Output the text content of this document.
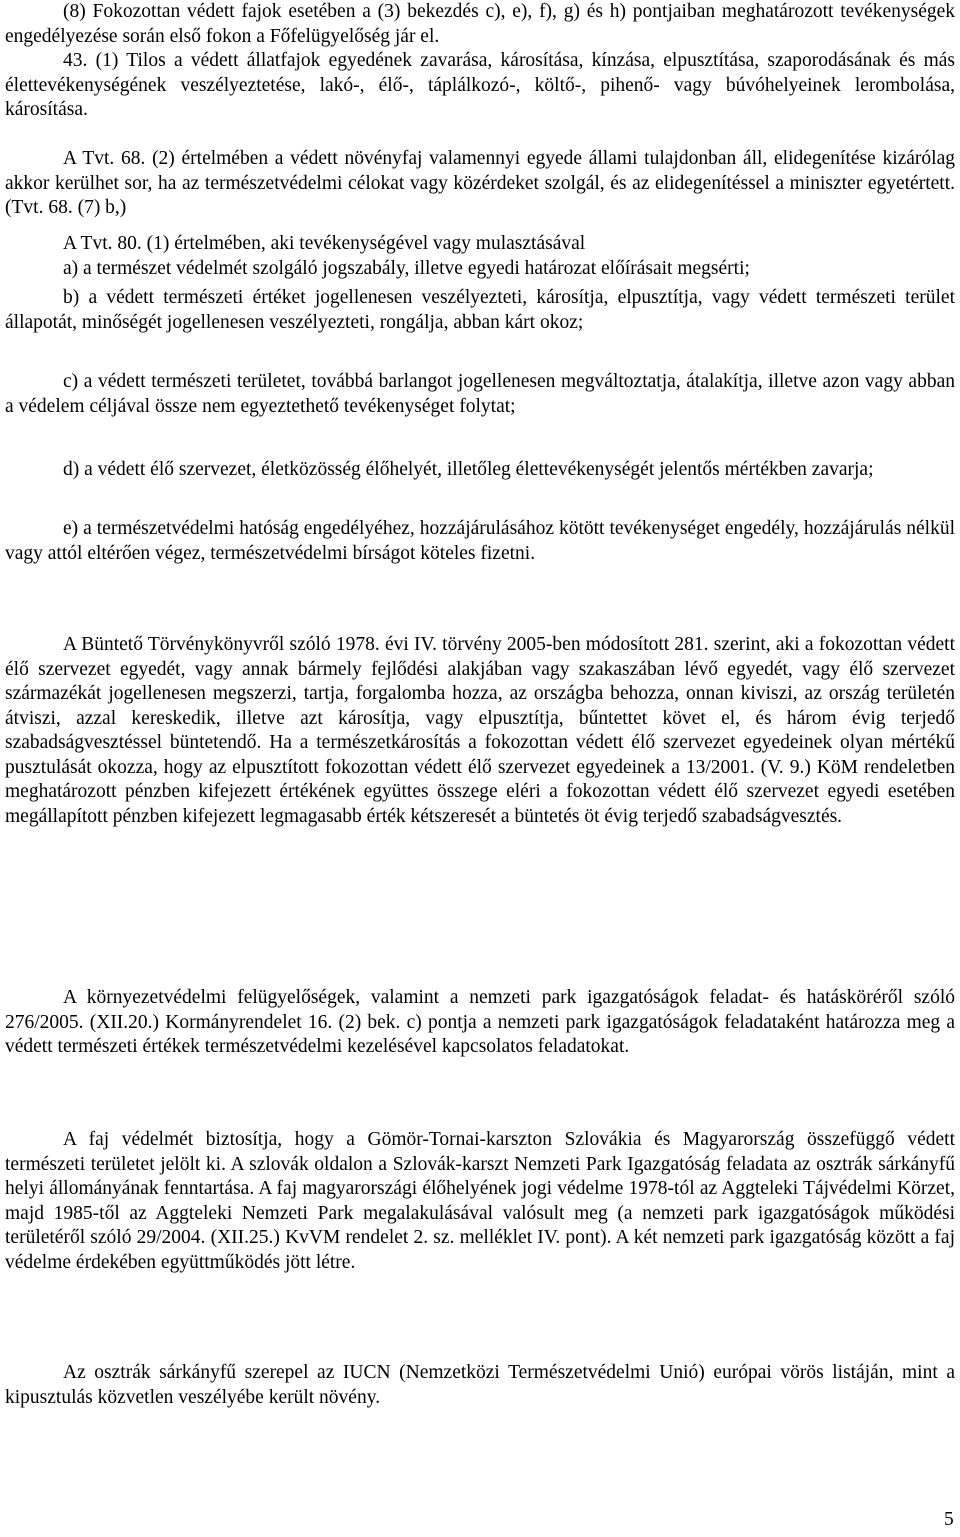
(8) Fokozottan védett fajok esetében a (3) bekezdés c), e), f), g) és h) pontjaiban meghatározott tevékenységek engedélyezése során első fokon a Főfelügyelőség jár el.

43. (1) Tilos a védett állatfajok egyedének zavarása, károsítása, kínzása, elpusztítása, szaporodásának és más élettevékenységének veszélyeztetése, lakó-, élő-, táplálkozó-, költő-, pihenő- vagy búvóhelyeinek lerombolása, károsítása.

A Tvt. 68. (2) értelmében a védett növényfaj valamennyi egyede állami tulajdonban áll, elidegenítése kizárólag akkor kerülhet sor, ha az természetvédelmi célokat vagy közérdeket szolgál, és az elidegenítéssel a miniszter egyetértett. (Tvt. 68. (7) b,)

A Tvt. 80. (1) értelmében, aki tevékenységével vagy mulasztásával

a) a természet védelmét szolgáló jogszabály, illetve egyedi határozat előírásait megsérti;

b) a védett természeti értéket jogellenesen veszélyezteti, károsítja, elpusztítja, vagy védett természeti terület állapotát, minőségét jogellenesen veszélyezteti, rongálja, abban kárt okoz;

c) a védett természeti területet, továbbá barlangot jogellenesen megváltoztatja, átalakítja, illetve azon vagy abban a védelem céljával össze nem egyeztethető tevékenységet folytat;

d) a védett élő szervezet, életközösség élőhelyét, illetőleg élettevékenységét jelentős mértékben zavarja;

e) a természetvédelmi hatóság engedélyéhez, hozzájárulásához kötött tevékenységet engedély, hozzájárulás nélkül vagy attól eltérően végez, természetvédelmi bírságot köteles fizetni.

A Büntető Törvénykönyvről szóló 1978. évi IV. törvény 2005-ben módosított 281. szerint, aki a fokozottan védett élő szervezet egyedét, vagy annak bármely fejlődési alakjában vagy szakaszában lévő egyedét, vagy élő szervezet származékát jogellenesen megszerzi, tartja, forgalomba hozza, az országba behozza, onnan kiviszi, az ország területén átviszi, azzal kereskedik, illetve azt károsítja, vagy elpusztítja, bűntettet követ el, és három évig terjedő szabadságvesztéssel büntetendő. Ha a természetkárosítás a fokozottan védett élő szervezet egyedeinek olyan mértékű pusztulását okozza, hogy az elpusztított fokozottan védett élő szervezet egyedeinek a 13/2001. (V. 9.) KöM rendeletben meghatározott pénzben kifejezett értékének együttes összege eléri a fokozottan védett élő szervezet egyedi esetében megállapított pénzben kifejezett legmagasabb érték kétszeresét a büntetés öt évig terjedő szabadságvesztés.

A környezetvédelmi felügyelőségek, valamint a nemzeti park igazgatóságok feladat- és hatásköréről szóló 276/2005. (XII.20.) Kormányrendelet 16. (2) bek. c) pontja a nemzeti park igazgatóságok feladataként határozza meg a védett természeti értékek természetvédelmi kezelésével kapcsolatos feladatokat.

A faj védelmét biztosítja, hogy a Gömör-Tornai-karszton Szlovákia és Magyarország összefüggő védett természeti területet jelölt ki. A szlovák oldalon a Szlovák-karszt Nemzeti Park Igazgatóság feladata az osztrák sárkányfű helyi állományának fenntartása. A faj magyarországi élőhelyének jogi védelme 1978-tól az Aggteleki Tájvédelmi Körzet, majd 1985-től az Aggteleki Nemzeti Park megalakulásával valósult meg (a nemzeti park igazgatóságok működési területéről szóló 29/2004. (XII.25.) KvVM rendelet 2. sz. melléklet IV. pont). A két nemzeti park igazgatóság között a faj védelme érdekében együttműködés jött létre.

Az osztrák sárkányfű szerepel az IUCN (Nemzetközi Természetvédelmi Unió) európai vörös listáján, mint a kipusztulás közvetlen veszélyébe került növény.

5
